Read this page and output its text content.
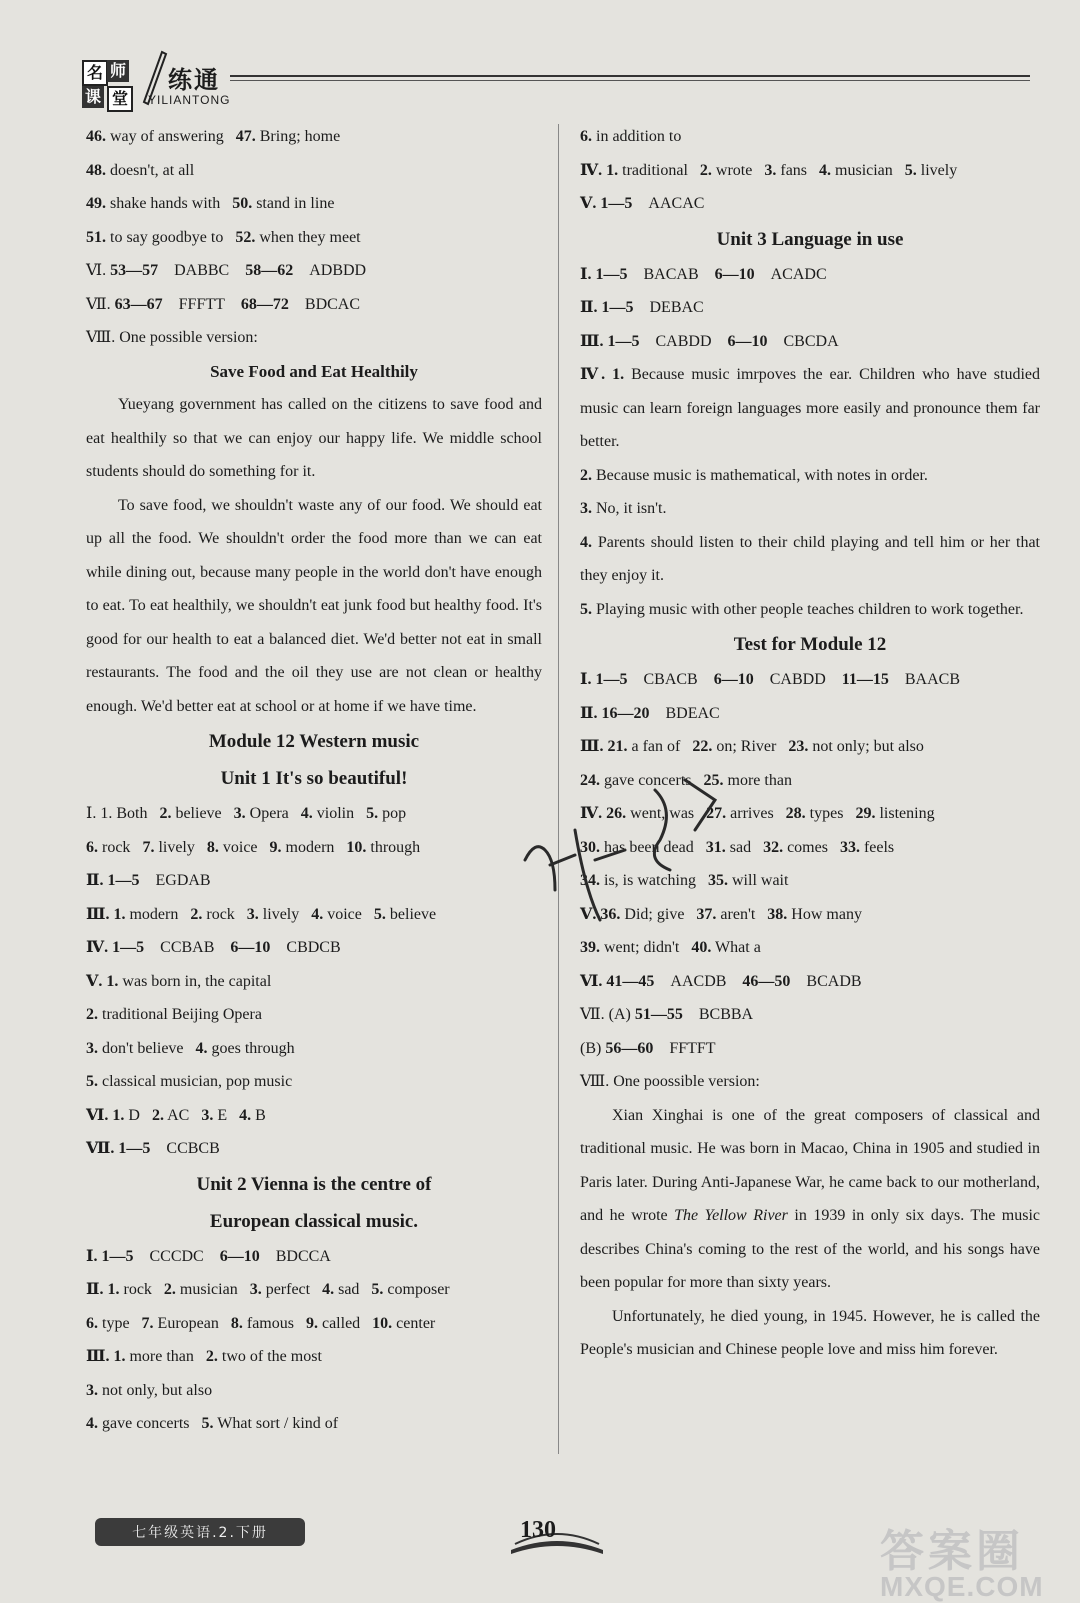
名 师
课 堂
练通
YILIANTONG
46. way of answering 47. Bring; home
48. doesn't, at all
49. shake hands with 50. stand in line
51. to say goodbye to 52. when they meet
Ⅵ. 53—57 DABBC 58—62 ADBDD
Ⅶ. 63—67 FFFTT 68—72 BDCAC
Ⅷ. One possible version:
Save Food and Eat Healthily
Yueyang government has called on the citizens to save food and eat healthily so that we can enjoy our happy life. We middle school students should do something for it.
To save food, we shouldn't waste any of our food. We should eat up all the food. We shouldn't order the food more than we can eat while dining out, because many people in the world don't have enough to eat. To eat healthily, we shouldn't eat junk food but healthy food. It's good for our health to eat a balanced diet. We'd better not eat in small restaurants. The food and the oil they use are not clean or healthy enough. We'd better eat at school or at home if we have time.
Module 12 Western music
Unit 1 It's so beautiful!
Ⅰ. 1. Both 2. believe 3. Opera 4. violin 5. pop
6. rock 7. lively 8. voice 9. modern 10. through
Ⅱ. 1—5 EGDAB
Ⅲ. 1. modern 2. rock 3. lively 4. voice 5. believe
Ⅳ. 1—5 CCBAB 6—10 CBDCB
Ⅴ. 1. was born in, the capital
2. traditional Beijing Opera
3. don't believe 4. goes through
5. classical musician, pop music
Ⅵ. 1. D 2. AC 3. E 4. B
Ⅶ. 1—5 CCBCB
Unit 2 Vienna is the centre of
European classical music.
Ⅰ. 1—5 CCCDC 6—10 BDCCA
Ⅱ. 1. rock 2. musician 3. perfect 4. sad 5. composer
6. type 7. European 8. famous 9. called 10. center
Ⅲ. 1. more than 2. two of the most
3. not only, but also
4. gave concerts 5. What sort / kind of
6. in addition to
Ⅳ. 1. traditional 2. wrote 3. fans 4. musician 5. lively
Ⅴ. 1—5 AACAC
Unit 3 Language in use
Ⅰ. 1—5 BACAB 6—10 ACADC
Ⅱ. 1—5 DEBAC
Ⅲ. 1—5 CABDD 6—10 CBCDA
Ⅳ. 1. Because music imrpoves the ear. Children who have studied music can learn foreign languages more easily and pronounce them far better.
2. Because music is mathematical, with notes in order.
3. No, it isn't.
4. Parents should listen to their child playing and tell him or her that they enjoy it.
5. Playing music with other people teaches children to work together.
Test for Module 12
Ⅰ. 1—5 CBACB 6—10 CABDD 11—15 BAACB
Ⅱ. 16—20 BDEAC
Ⅲ. 21. a fan of 22. on; River 23. not only; but also
24. gave concerts 25. more than
Ⅳ. 26. went, was 27. arrives 28. types 29. listening
30. has been dead 31. sad 32. comes 33. feels
34. is, is watching 35. will wait
Ⅴ. 36. Did; give 37. aren't 38. How many
39. went; didn't 40. What a
Ⅵ. 41—45 AACDB 46—50 BCADB
Ⅶ. (A) 51—55 BCBBA
(B) 56—60 FFTFT
Ⅷ. One poossible version:
Xian Xinghai is one of the great composers of classical and traditional music. He was born in Macao, China in 1905 and studied in Paris later. During Anti-Japanese War, he came back to our motherland, and he wrote The Yellow River in 1939 in only six days. The music describes China's coming to the rest of the world, and his songs have been popular for more than sixty years.
Unfortunately, he died young, in 1945. However, he is called the People's musician and Chinese people love and miss him forever.
七年级英语.2.下册	130	答案圈
MXQE.COM
